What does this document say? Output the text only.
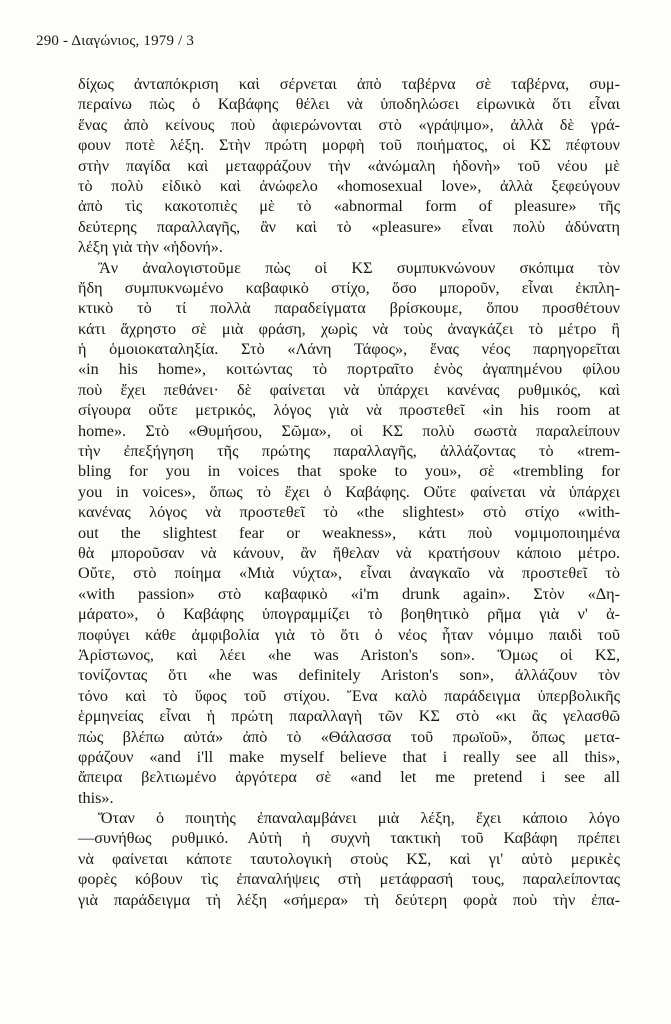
290 - Διαγώνιος, 1979 / 3
δίχως ἀνταπόκριση καὶ σέρνεται ἀπὸ ταβέρνα σὲ ταβέρνα, συμ-
περαίνω πὼς ὁ Καβάφης θέλει νὰ ὑποδηλώσει εἰρωνικὰ ὅτι εἶναι
ἕνας ἀπὸ κείνους ποὺ ἀφιερώνονται στὸ «γράψιμο», ἀλλὰ δὲ γρά-
φουν ποτὲ λέξη. Στὴν πρώτη μορφὴ τοῦ ποιήματος, οἱ ΚΣ πέφτουν
στὴν παγίδα καὶ μεταφράζουν τὴν «ἀνώμαλη ἡδονὴ» τοῦ νέου μὲ
τὸ πολὺ εἰδικὸ καὶ ἀνώφελο «homosexual love», ἀλλὰ ξεφεύγουν
ἀπὸ τὶς κακοτοπιὲς μὲ τὸ «abnormal form of pleasure» τῆς
δεύτερης παραλλαγῆς, ἂν καὶ τὸ «pleasure» εἶναι πολὺ ἀδύνατη
λέξη γιὰ τὴν «ἡδονή».
Ἂν ἀναλογιστοῦμε πὼς οἱ ΚΣ συμπυκνώνουν σκόπιμα τὸν
ἤδη συμπυκνωμένο καβαφικὸ στίχο, ὅσο μποροῦν, εἶναι ἐκπλη-
κτικὸ τὸ τί πολλὰ παραδείγματα βρίσκουμε, ὅπου προσθέτουν
κάτι ἄχρηστο σὲ μιὰ φράση, χωρὶς νὰ τοὺς ἀναγκάζει τὸ μέτρο ἢ
ἡ ὁμοιοκαταληξία. Στὸ «Λάνη Τάφος», ἕνας νέος παρηγορεῖται
«in his home», κοιτώντας τὸ πορτραῖτο ἑνὸς ἀγαπημένου φίλου
ποὺ ἔχει πεθάνει· δὲ φαίνεται νὰ ὑπάρχει κανένας ρυθμικός, καὶ
σίγουρα οὔτε μετρικός, λόγος γιὰ νὰ προστεθεῖ «in his room at
home». Στὸ «Θυμήσου, Σῶμα», οἱ ΚΣ πολὺ σωστὰ παραλείπουν
τὴν ἐπεξήγηση τῆς πρώτης παραλλαγῆς, ἀλλάζοντας τὸ «trem-
bling for you in voices that spoke to you», σὲ «trembling for
you in voices», ὅπως τὸ ἔχει ὁ Καβάφης. Οὔτε φαίνεται νὰ ὑπάρχει
κανένας λόγος νὰ προστεθεῖ τὸ «the slightest» στὸ στίχο «with-
out the slightest fear or weakness», κάτι ποὺ νομιμοποιημένα
θὰ μποροῦσαν νὰ κάνουν, ἂν ἤθελαν νὰ κρατήσουν κάποιο μέτρο.
Οὔτε, στὸ ποίημα «Μιὰ νύχτα», εἶναι ἀναγκαῖο νὰ προστεθεῖ τὸ
«with passion» στὸ καβαφικὸ «i'm drunk again». Στὸν «Δη-
μάρατο», ὁ Καβάφης ὑπογραμμίζει τὸ βοηθητικὸ ρῆμα γιὰ ν' ἀ-
ποφύγει κάθε ἀμφιβολία γιὰ τὸ ὅτι ὁ νέος ἦταν νόμιμο παιδὶ τοῦ
Ἀρίστωνος, καὶ λέει «he was Ariston's son». Ὅμως οἱ ΚΣ,
τονίζοντας ὅτι «he was definitely Ariston's son», ἀλλάζουν τὸν
τόνο καὶ τὸ ὕφος τοῦ στίχου. Ἕνα καλὸ παράδειγμα ὑπερβολικῆς
ἑρμηνείας εἶναι ἡ πρώτη παραλλαγὴ τῶν ΚΣ στὸ «κι ἂς γελασθῶ
πὼς βλέπω αὐτά» ἀπὸ τὸ «Θάλασσα τοῦ πρωϊοῦ», ὅπως μετα-
φράζουν «and i'll make myself believe that i really see all this»,
ἄπειρα βελτιωμένο ἀργότερα σὲ «and let me pretend i see all
this».
Ὅταν ὁ ποιητὴς ἐπαναλαμβάνει μιὰ λέξη, ἔχει κάποιο λόγο
—συνήθως ρυθμικό. Αὐτὴ ἡ συχνὴ τακτικὴ τοῦ Καβάφη πρέπει
νὰ φαίνεται κάποτε ταυτολογικὴ στοὺς ΚΣ, καὶ γι' αὐτὸ μερικὲς
φορὲς κόβουν τὶς ἐπαναλήψεις στὴ μετάφρασή τους, παραλείποντας
γιὰ παράδειγμα τὴ λέξη «σήμερα» τὴ δεύτερη φορὰ ποὺ τὴν ἐπα-
